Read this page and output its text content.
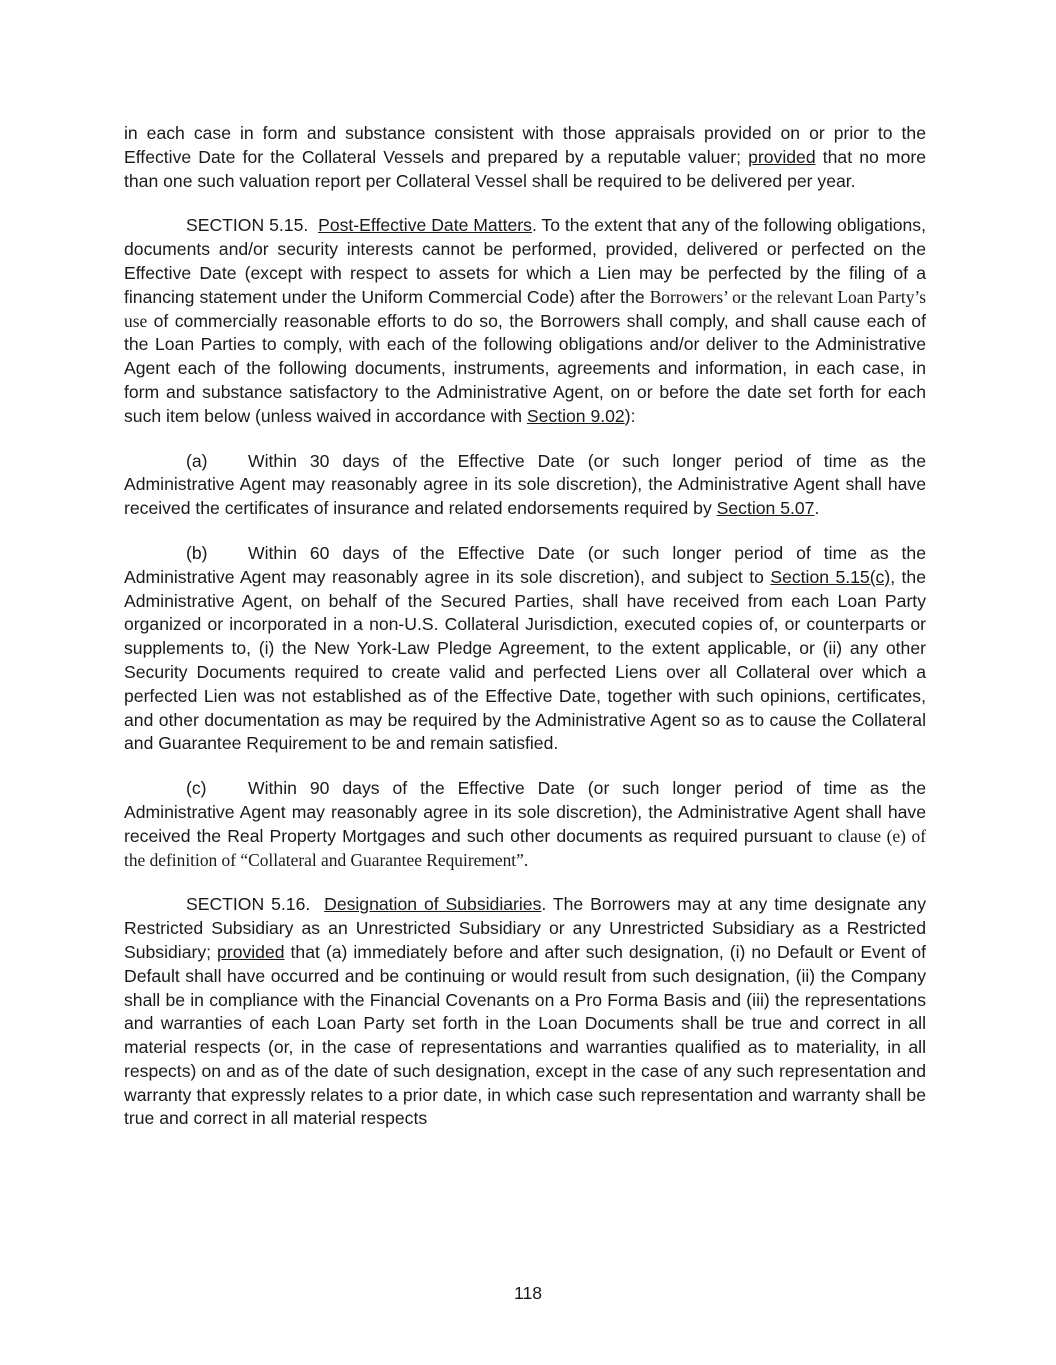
in each case in form and substance consistent with those appraisals provided on or prior to the Effective Date for the Collateral Vessels and prepared by a reputable valuer; provided that no more than one such valuation report per Collateral Vessel shall be required to be delivered per year.

SECTION 5.15. Post-Effective Date Matters. To the extent that any of the following obligations, documents and/or security interests cannot be performed, provided, delivered or perfected on the Effective Date (except with respect to assets for which a Lien may be perfected by the filing of a financing statement under the Uniform Commercial Code) after the Borrowers’ or the relevant Loan Party’s use of commercially reasonable efforts to do so, the Borrowers shall comply, and shall cause each of the Loan Parties to comply, with each of the following obligations and/or deliver to the Administrative Agent each of the following documents, instruments, agreements and information, in each case, in form and substance satisfactory to the Administrative Agent, on or before the date set forth for each such item below (unless waived in accordance with Section 9.02):

(a) Within 30 days of the Effective Date (or such longer period of time as the Administrative Agent may reasonably agree in its sole discretion), the Administrative Agent shall have received the certificates of insurance and related endorsements required by Section 5.07.

(b) Within 60 days of the Effective Date (or such longer period of time as the Administrative Agent may reasonably agree in its sole discretion), and subject to Section 5.15(c), the Administrative Agent, on behalf of the Secured Parties, shall have received from each Loan Party organized or incorporated in a non-U.S. Collateral Jurisdiction, executed copies of, or counterparts or supplements to, (i) the New York-Law Pledge Agreement, to the extent applicable, or (ii) any other Security Documents required to create valid and perfected Liens over all Collateral over which a perfected Lien was not established as of the Effective Date, together with such opinions, certificates, and other documentation as may be required by the Administrative Agent so as to cause the Collateral and Guarantee Requirement to be and remain satisfied.

(c) Within 90 days of the Effective Date (or such longer period of time as the Administrative Agent may reasonably agree in its sole discretion), the Administrative Agent shall have received the Real Property Mortgages and such other documents as required pursuant to clause (e) of the definition of “Collateral and Guarantee Requirement”.

SECTION 5.16. Designation of Subsidiaries. The Borrowers may at any time designate any Restricted Subsidiary as an Unrestricted Subsidiary or any Unrestricted Subsidiary as a Restricted Subsidiary; provided that (a) immediately before and after such designation, (i) no Default or Event of Default shall have occurred and be continuing or would result from such designation, (ii) the Company shall be in compliance with the Financial Covenants on a Pro Forma Basis and (iii) the representations and warranties of each Loan Party set forth in the Loan Documents shall be true and correct in all material respects (or, in the case of representations and warranties qualified as to materiality, in all respects) on and as of the date of such designation, except in the case of any such representation and warranty that expressly relates to a prior date, in which case such representation and warranty shall be true and correct in all material respects

118
